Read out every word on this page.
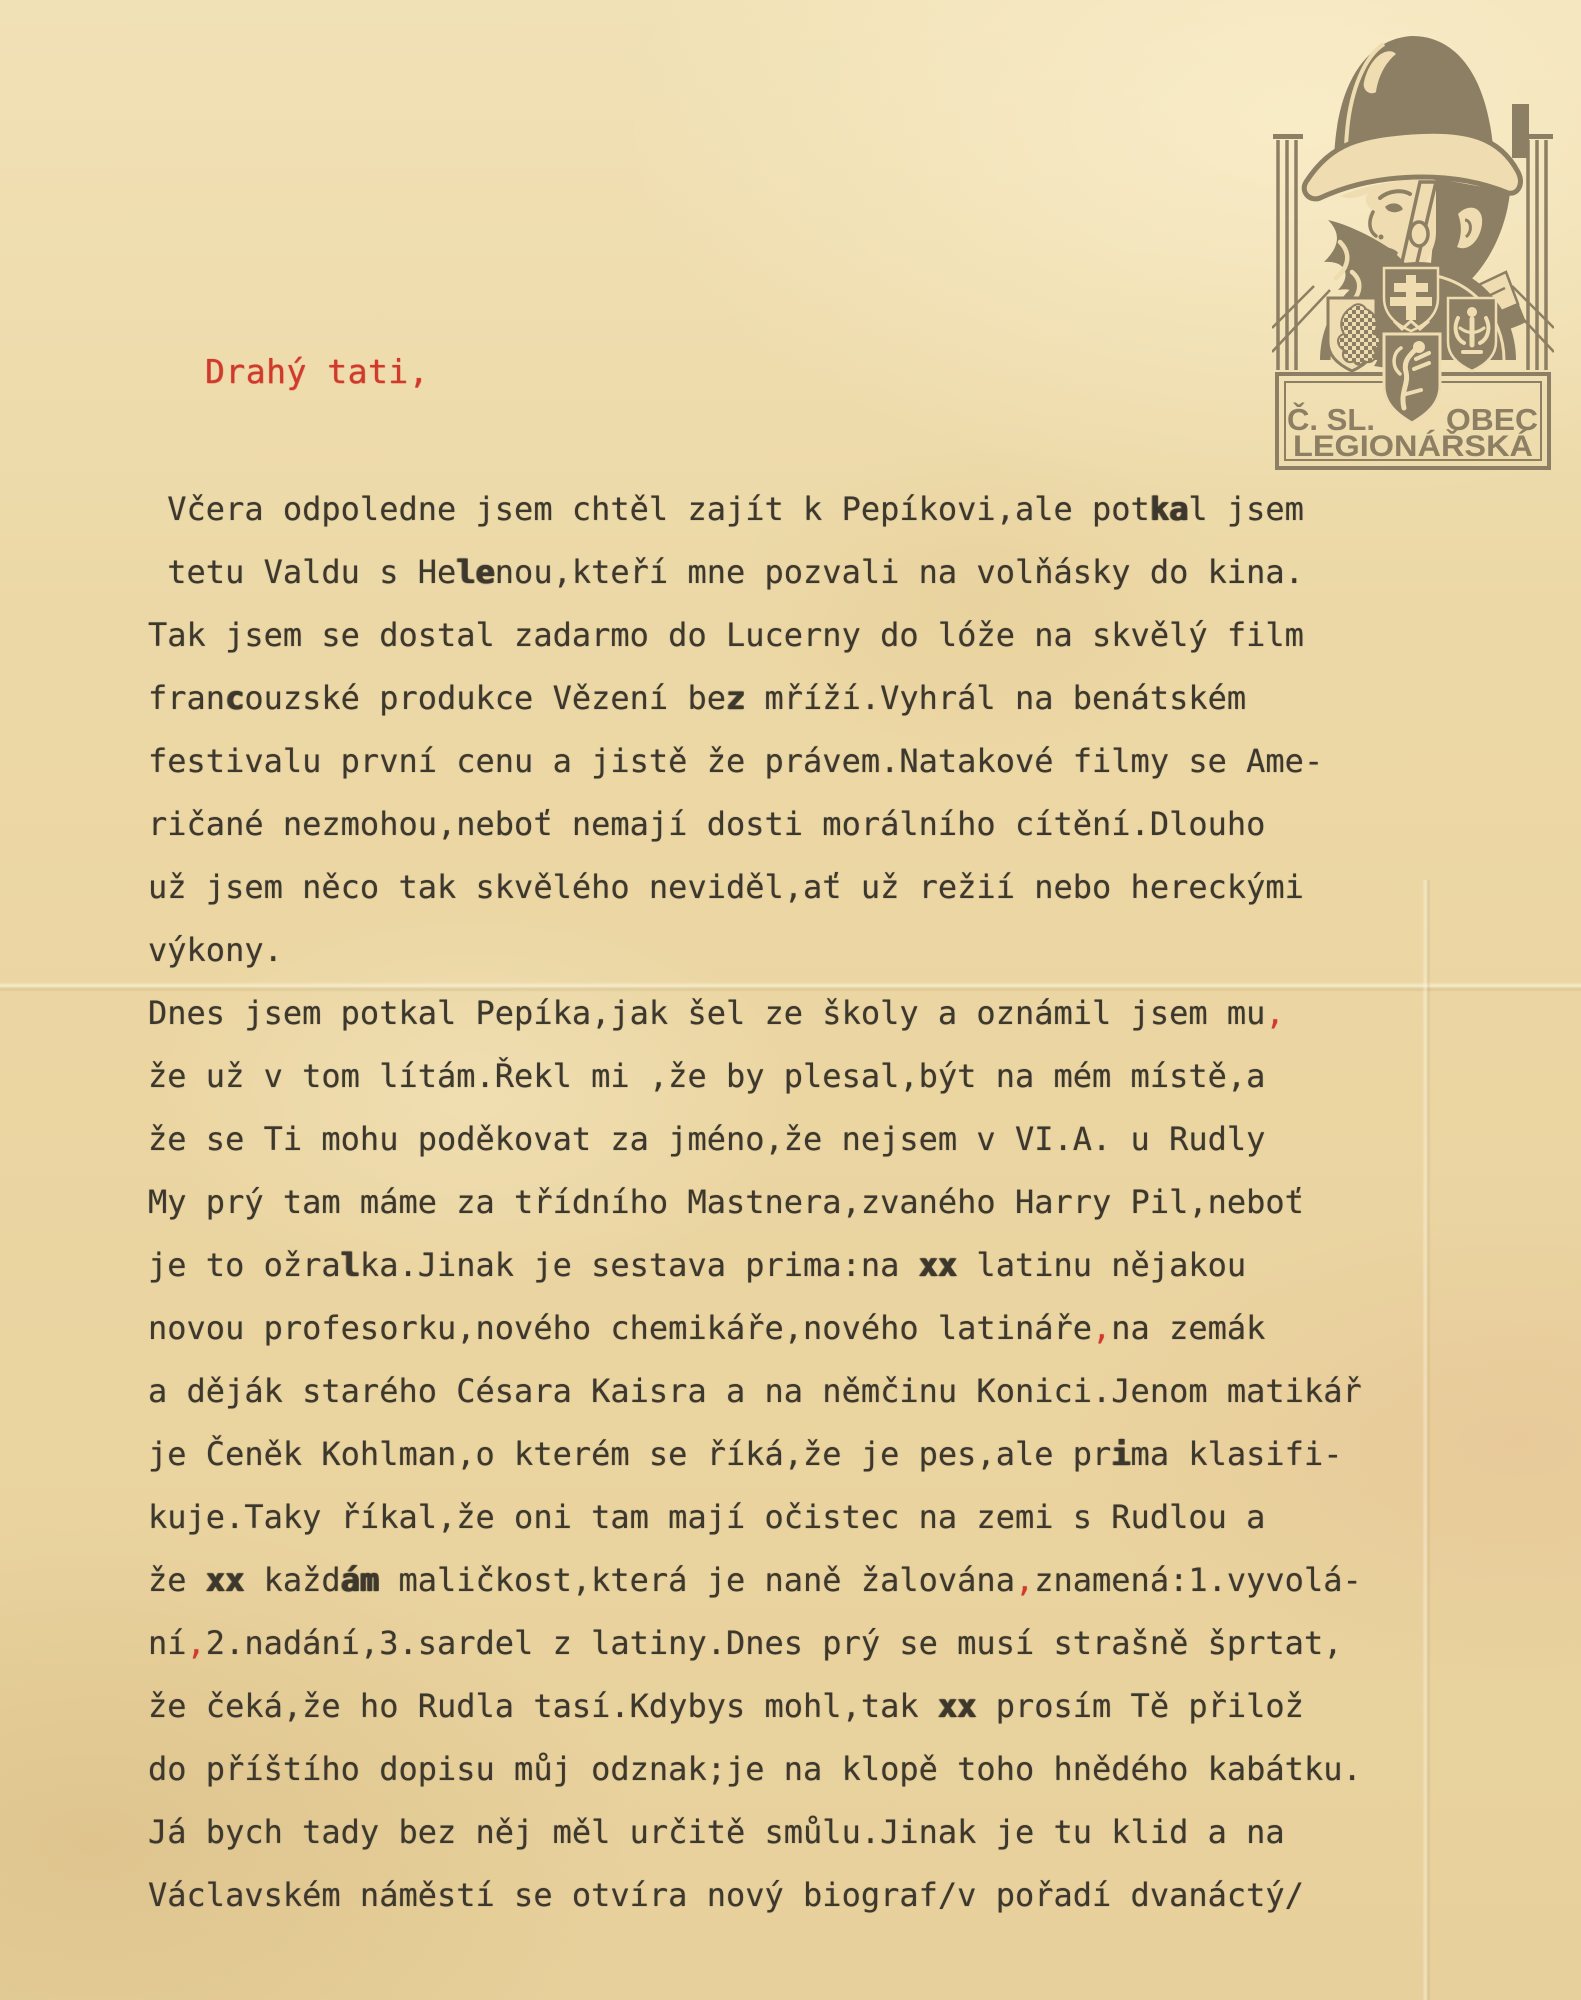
Č. SL. OBEC
LEGIONÁŘSKÁ
Drahý tati,
Včera odpoledne jsem chtěl zajít k Pepíkovi,ale potkal jsem
tetu Valdu s Helenou,kteří mne pozvali na volňásky do kina.
Tak jsem se dostal zadarmo do Lucerny do lóže na skvělý film
francouzské produkce Vězení bez mříží.Vyhrál na benátském
festivalu první cenu a jistě že právem.Natakové filmy se Ame-
ričané nezmohou,neboť nemají dosti morálního cítění.Dlouho
už jsem něco tak skvělého neviděl,ať už režií nebo hereckými
výkony.
Dnes jsem potkal Pepíka,jak šel ze školy a oznámil jsem mu,
že už v tom lítám.Řekl mi ,že by plesal,být na mém místě,a
že se Ti mohu poděkovat za jméno,že nejsem v VI.A. u Rudly
My prý tam máme za třídního Mastnera,zvaného Harry Pil,neboť
je to ožralka.Jinak je sestava prima:na xx latinu nějakou
novou profesorku,nového chemikáře,nového latináře,na zemák
a děják starého Césara Kaisra a na němčinu Konici.Jenom matikář
je Čeněk Kohlman,o kterém se říká,že je pes,ale prima klasifi-
kuje.Taky říkal,že oni tam mají očistec na zemi s Rudlou a
že xx každám maličkost,která je naně žalována,znamená:1.vyvolá-
ní,2.nadání,3.sardel z latiny.Dnes prý se musí strašně šprtat,
že čeká,že ho Rudla tasí.Kdybys mohl,tak xx prosím Tě přilož
do příštího dopisu můj odznak;je na klopě toho hnědého kabátku.
Já bych tady bez něj měl určitě smůlu.Jinak je tu klid a na
Václavském náměstí se otvíra nový biograf/v pořadí dvanáctý/
